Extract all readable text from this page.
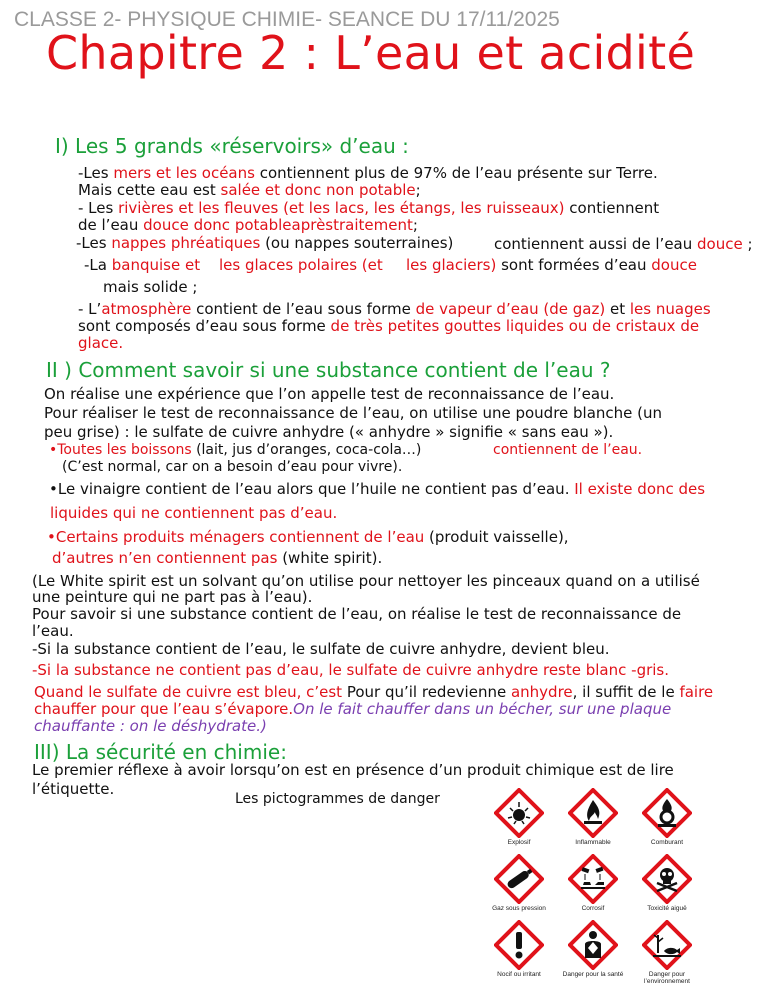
CLASSE 2- PHYSIQUE CHIMIE- SEANCE DU 17/11/2025
Chapitre 2 : L’eau et acidité
I) Les 5 grands «réservoirs» d’eau :
-Les mers et les océans contiennent plus de 97% de l’eau présente sur Terre.
Mais cette eau est salée et donc non potable;
- Les rivières et les fleuves (et les lacs, les étangs, les ruisseaux) contiennent
de l’eau douce donc potableaprèstraitement;
-Les nappes phréatiques (ou nappes souterraines)	contiennent aussi de l’eau douce ;
-La banquise et les glaces polaires (et les glaciers) sont formées d’eau douce
mais solide ;
- L’atmosphère contient de l’eau sous forme de vapeur d’eau (de gaz) et les nuages
sont composés d’eau sous forme de très petites gouttes liquides ou de cristaux de
glace.
II ) Comment savoir si une substance contient de l’eau ?
On réalise une expérience que l’on appelle test de reconnaissance de l’eau.
Pour réaliser le test de reconnaissance de l’eau, on utilise une poudre blanche (un
peu grise) : le sulfate de cuivre anhydre (« anhydre » signifie « sans eau »).
•Toutes les boissons (lait, jus d’oranges, coca-cola…)	contiennent de l’eau.
(C’est normal, car on a besoin d’eau pour vivre).
•Le vinaigre contient de l’eau alors que l’huile ne contient pas d’eau. Il existe donc des
liquides qui ne contiennent pas d’eau.
•Certains produits ménagers contiennent de l’eau (produit vaisselle),
d’autres n’en contiennent pas (white spirit).
(Le White spirit est un solvant qu’on utilise pour nettoyer les pinceaux quand on a utilisé
une peinture qui ne part pas à l’eau).
Pour savoir si une substance contient de l’eau, on réalise le test de reconnaissance de
l’eau.
-Si la substance contient de l’eau, le sulfate de cuivre anhydre, devient bleu.
-Si la substance ne contient pas d’eau, le sulfate de cuivre anhydre reste blanc -gris.
Quand le sulfate de cuivre est bleu, c’est Pour qu’il redevienne anhydre, il suffit de le faire
chauffer pour que l’eau s’évapore.On le fait chauffer dans un bécher, sur une plaque
chauffante : on le déshydrate.)
III) La sécurité en chimie:
Le premier réflexe à avoir lorsqu’on est en présence d’un produit chimique est de lire
l’étiquette.
Les pictogrammes de danger
Explosif	Inflammable	Comburant
Gaz sous pression	Corrosif	Toxicité aiguë
Nocif ou irritant	Danger pour la santé	Danger pour l’environnement
